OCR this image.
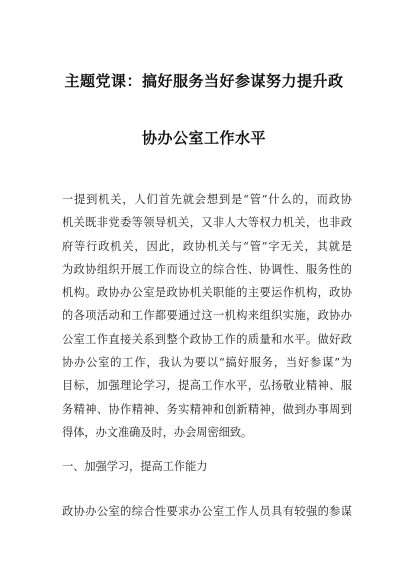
主题党课：搞好服务当好参谋努力提升政
协办公室工作水平
一提到机关，人们首先就会想到是“管”什么的，而政协
机关既非党委等领导机关，又非人大等权力机关，也非政
府等行政机关，因此，政协机关与“管”字无关，其就是
为政协组织开展工作而设立的综合性、协调性、服务性的
机构。政协办公室是政协机关职能的主要运作机构，政协
的各项活动和工作都要通过这一机构来组织实施，政协办
公室工作直接关系到整个政协工作的质量和水平。做好政
协办公室的工作，我认为要以“搞好服务，当好参谋”为
目标，加强理论学习，提高工作水平，弘扬敬业精神、服
务精神、协作精神、务实精神和创新精神，做到办事周到
得体，办文准确及时，办会周密细致。
一、加强学习，提高工作能力
政协办公室的综合性要求办公室工作人员具有较强的参谋
